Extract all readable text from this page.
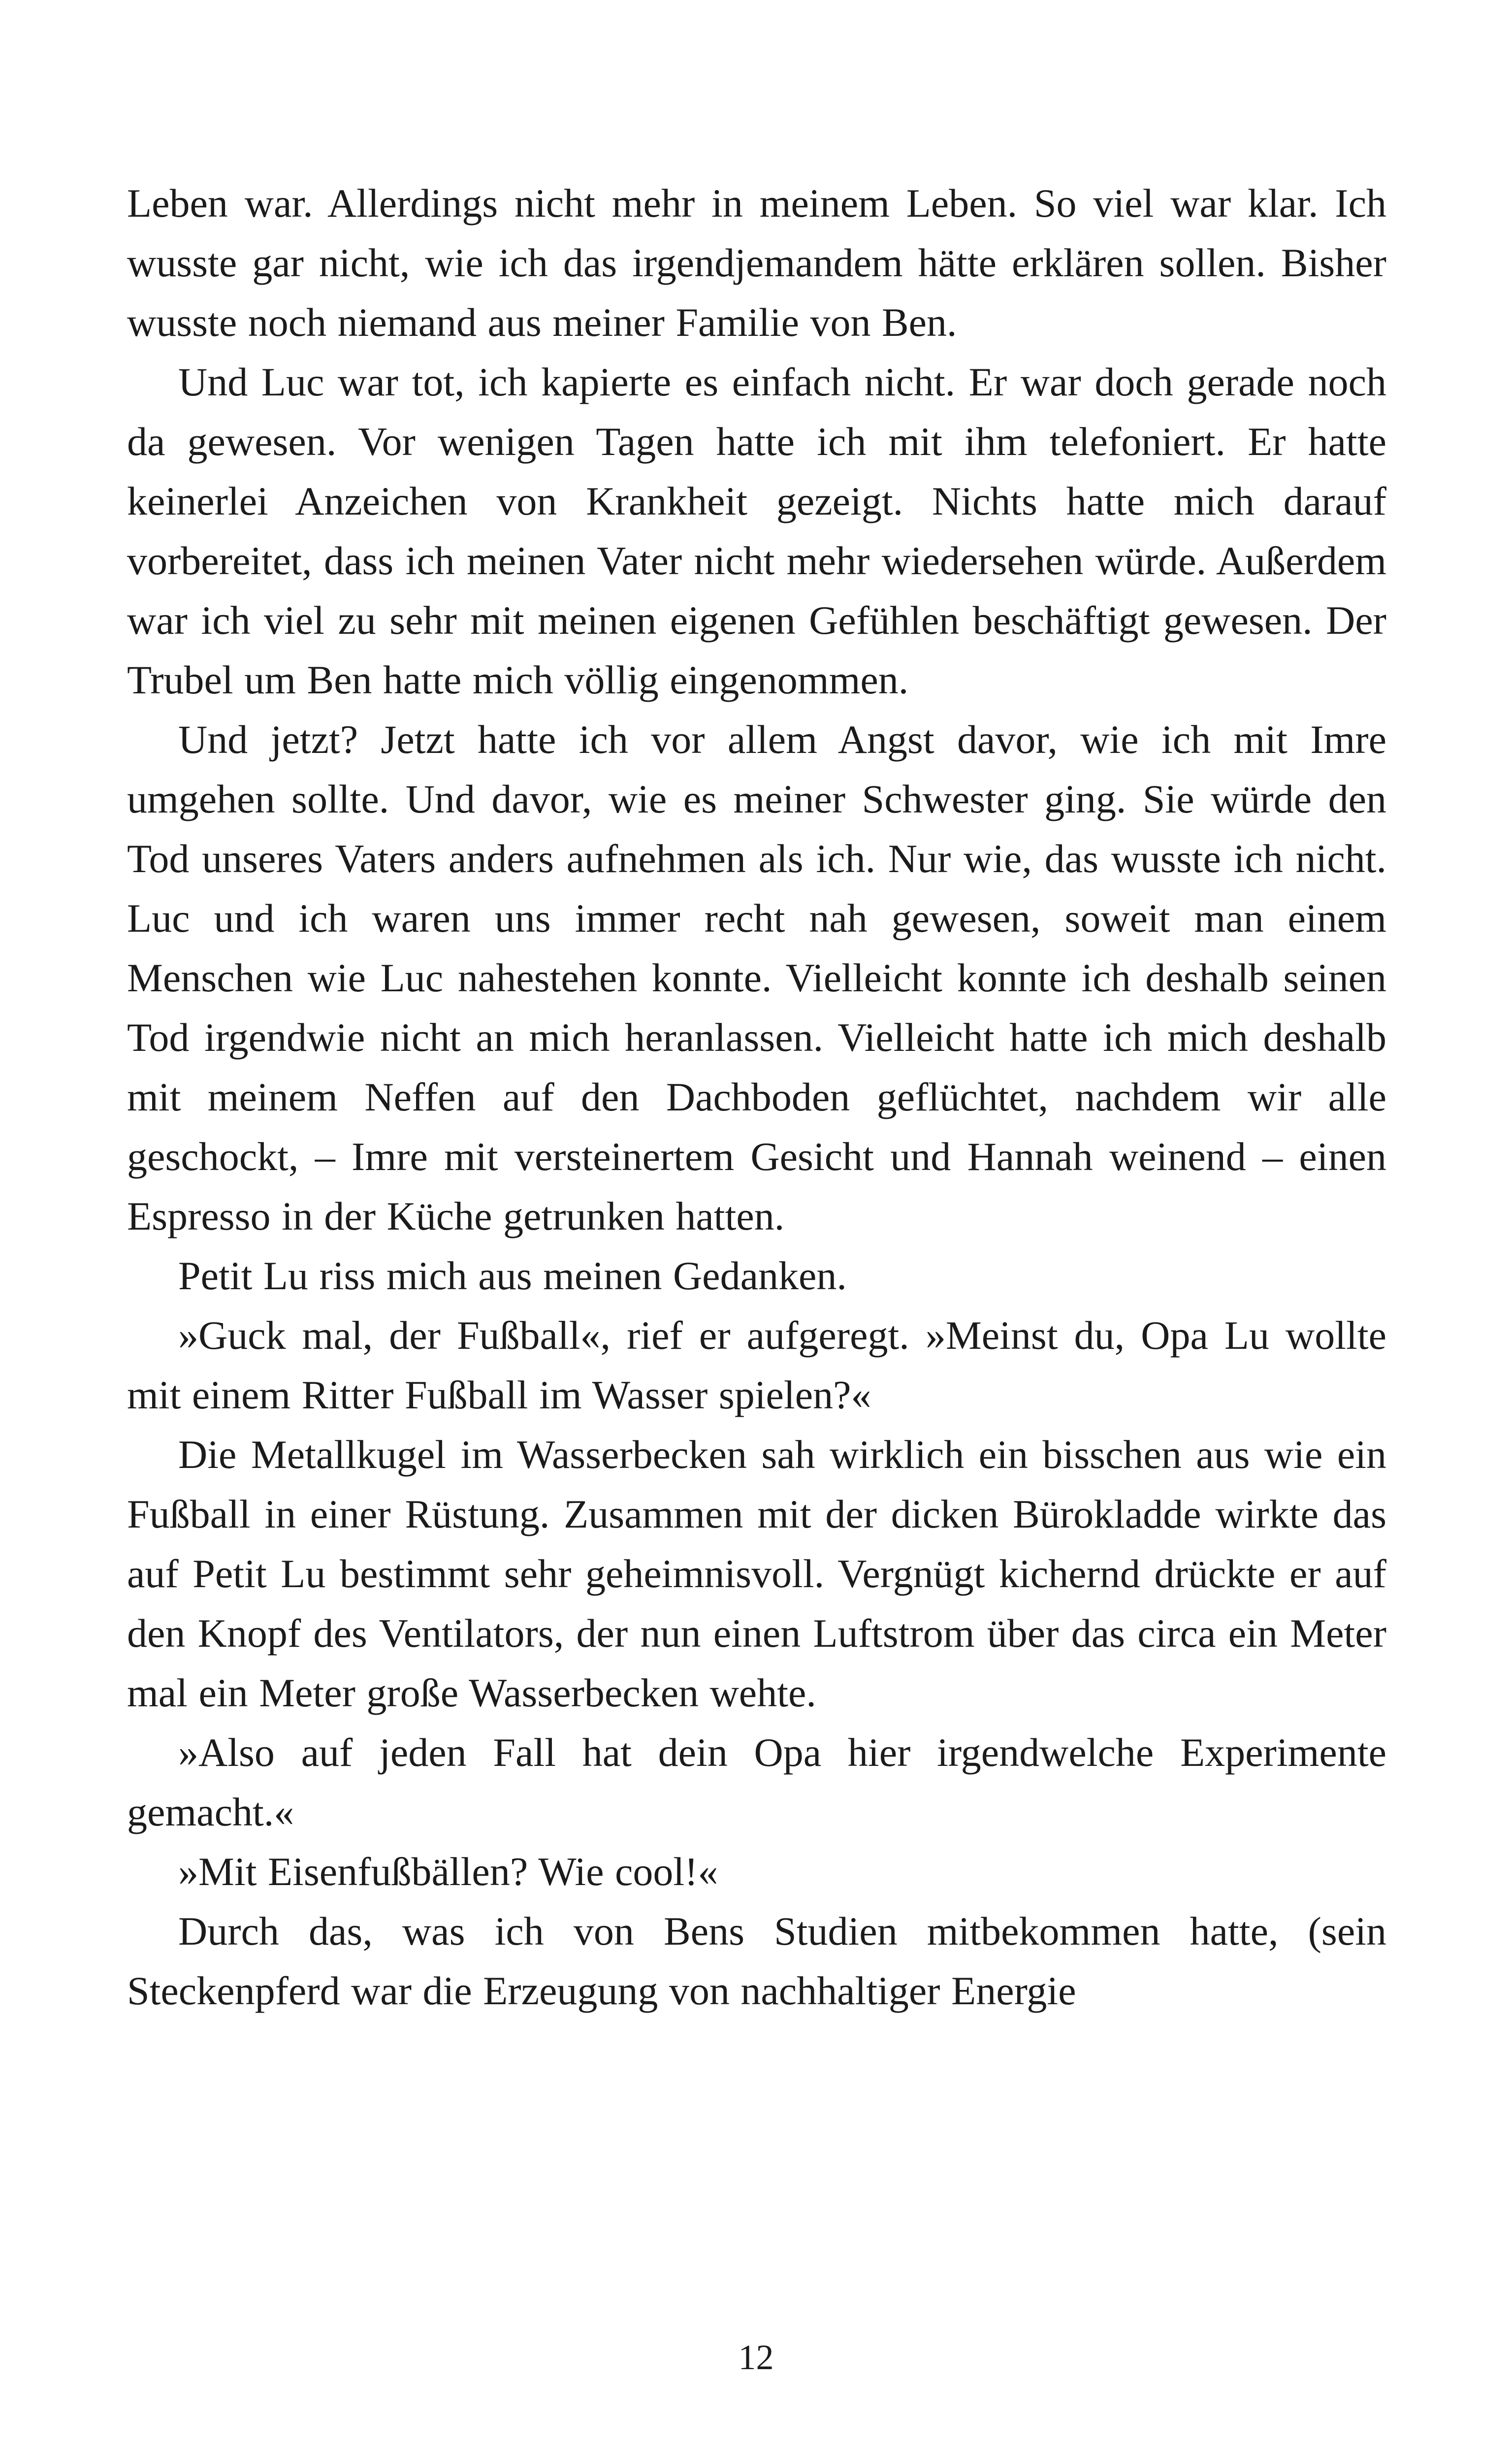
Leben war. Allerdings nicht mehr in meinem Leben. So viel war klar. Ich wusste gar nicht, wie ich das irgendjemandem hätte erklären sollen. Bisher wusste noch niemand aus meiner Familie von Ben.

Und Luc war tot, ich kapierte es einfach nicht. Er war doch gerade noch da gewesen. Vor wenigen Tagen hatte ich mit ihm telefoniert. Er hatte keinerlei Anzeichen von Krankheit gezeigt. Nichts hatte mich darauf vorbereitet, dass ich meinen Vater nicht mehr wiedersehen würde. Außerdem war ich viel zu sehr mit meinen eigenen Gefühlen beschäftigt gewesen. Der Trubel um Ben hatte mich völlig eingenommen.

Und jetzt? Jetzt hatte ich vor allem Angst davor, wie ich mit Imre umgehen sollte. Und davor, wie es meiner Schwester ging. Sie würde den Tod unseres Vaters anders aufnehmen als ich. Nur wie, das wusste ich nicht. Luc und ich waren uns immer recht nah gewesen, soweit man einem Menschen wie Luc nahestehen konnte. Vielleicht konnte ich deshalb seinen Tod irgendwie nicht an mich heranlassen. Vielleicht hatte ich mich deshalb mit meinem Neffen auf den Dachboden geflüchtet, nachdem wir alle geschockt, – Imre mit versteinertem Gesicht und Hannah weinend – einen Espresso in der Küche getrunken hatten.

Petit Lu riss mich aus meinen Gedanken.

»Guck mal, der Fußball«, rief er aufgeregt. »Meinst du, Opa Lu wollte mit einem Ritter Fußball im Wasser spielen?«

Die Metallkugel im Wasserbecken sah wirklich ein bisschen aus wie ein Fußball in einer Rüstung. Zusammen mit der dicken Bürokladde wirkte das auf Petit Lu bestimmt sehr geheimnisvoll. Vergnügt kichernd drückte er auf den Knopf des Ventilators, der nun einen Luftstrom über das circa ein Meter mal ein Meter große Wasserbecken wehte.

»Also auf jeden Fall hat dein Opa hier irgendwelche Experimente gemacht.«

»Mit Eisenfußbällen? Wie cool!«

Durch das, was ich von Bens Studien mitbekommen hatte, (sein Steckenpferd war die Erzeugung von nachhaltiger Energie

12
